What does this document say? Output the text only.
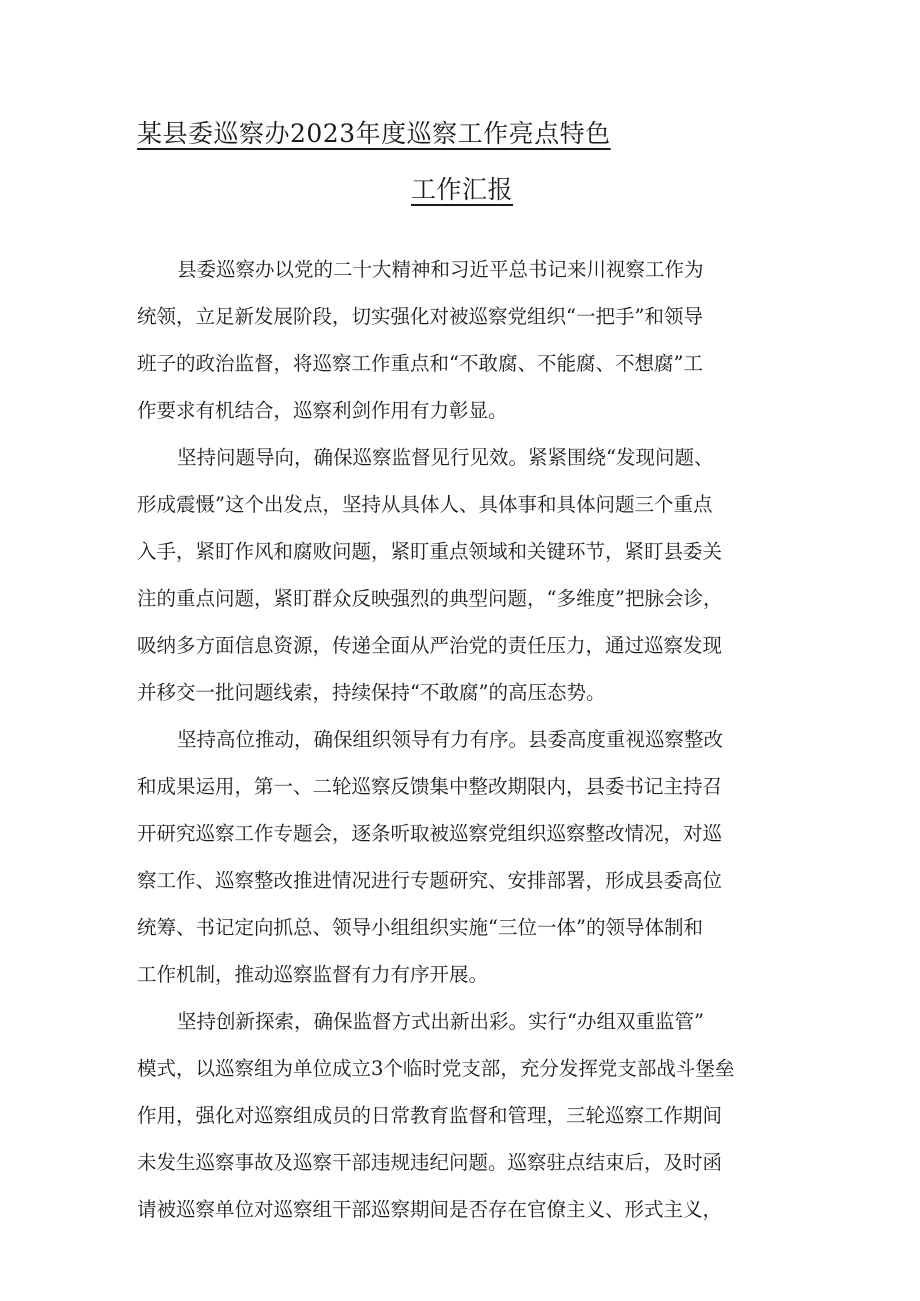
某县委巡察办2023年度巡察工作亮点特色
工作汇报
县委巡察办以党的二十大精神和习近平总书记来川视察工作为
统领，立足新发展阶段，切实强化对被巡察党组织“一把手”和领导
班子的政治监督，将巡察工作重点和“不敢腐、不能腐、不想腐”工
作要求有机结合，巡察利剑作用有力彰显。
坚持问题导向，确保巡察监督见行见效。紧紧围绕“发现问题、
形成震慑”这个出发点，坚持从具体人、具体事和具体问题三个重点
入手，紧盯作风和腐败问题，紧盯重点领域和关键环节，紧盯县委关
注的重点问题，紧盯群众反映强烈的典型问题，“多维度”把脉会诊，
吸纳多方面信息资源，传递全面从严治党的责任压力，通过巡察发现
并移交一批问题线索，持续保持“不敢腐”的高压态势。
坚持高位推动，确保组织领导有力有序。县委高度重视巡察整改
和成果运用，第一、二轮巡察反馈集中整改期限内，县委书记主持召
开研究巡察工作专题会，逐条听取被巡察党组织巡察整改情况，对巡
察工作、巡察整改推进情况进行专题研究、安排部署，形成县委高位
统筹、书记定向抓总、领导小组组织实施“三位一体”的领导体制和
工作机制，推动巡察监督有力有序开展。
坚持创新探索，确保监督方式出新出彩。实行“办组双重监管”
模式，以巡察组为单位成立3个临时党支部，充分发挥党支部战斗堡垒
作用，强化对巡察组成员的日常教育监督和管理，三轮巡察工作期间
未发生巡察事故及巡察干部违规违纪问题。巡察驻点结束后，及时函
请被巡察单位对巡察组干部巡察期间是否存在官僚主义、形式主义，
